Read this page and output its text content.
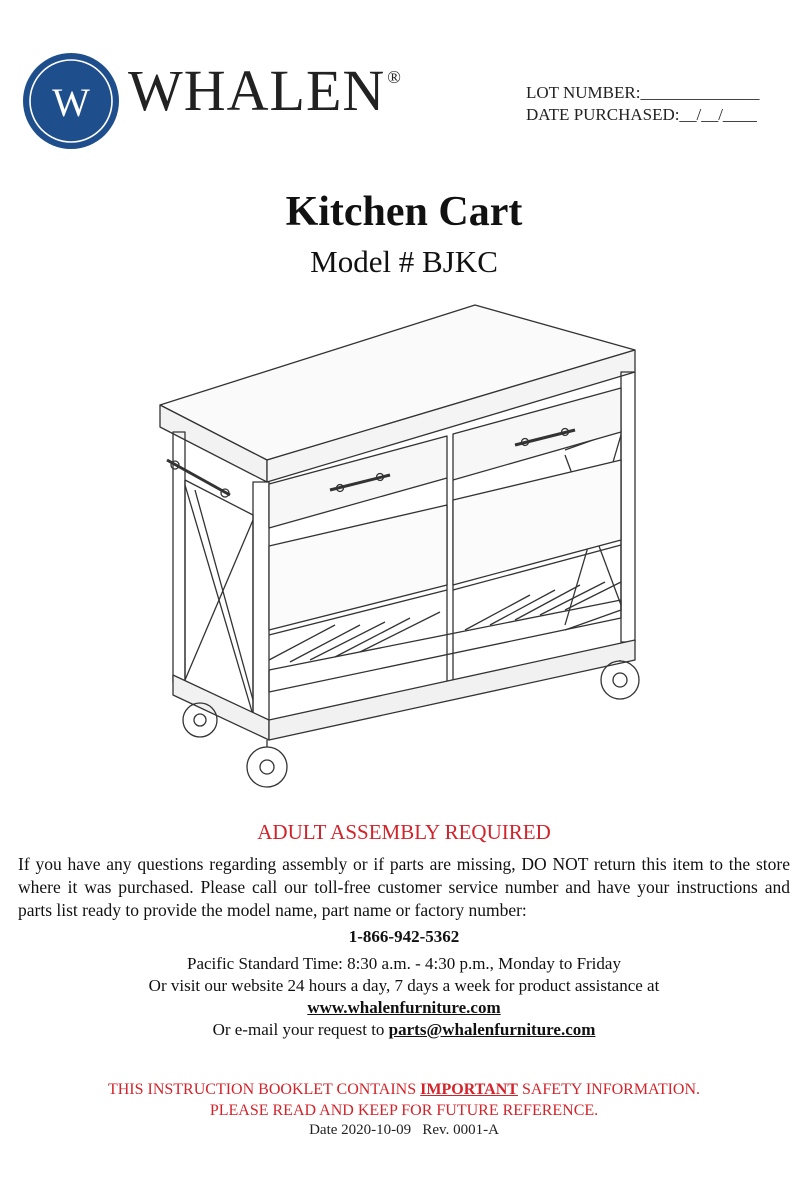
W WHALEN ®
LOT NUMBER:______________
DATE PURCHASED:__/__/____
Kitchen Cart
Model # BJKC
ADULT ASSEMBLY REQUIRED
If you have any questions regarding assembly or if parts are missing, DO NOT return this item to the store where it was purchased. Please call our toll-free customer service number and have your instructions and parts list ready to provide the model name, part name or factory number:
1-866-942-5362
Pacific Standard Time: 8:30 a.m. - 4:30 p.m., Monday to Friday
Or visit our website 24 hours a day, 7 days a week for product assistance at
www.whalenfurniture.com
Or e-mail your request to parts@whalenfurniture.com
THIS INSTRUCTION BOOKLET CONTAINS IMPORTANT SAFETY INFORMATION.
PLEASE READ AND KEEP FOR FUTURE REFERENCE.
Date 2020-10-09 Rev. 0001-A
